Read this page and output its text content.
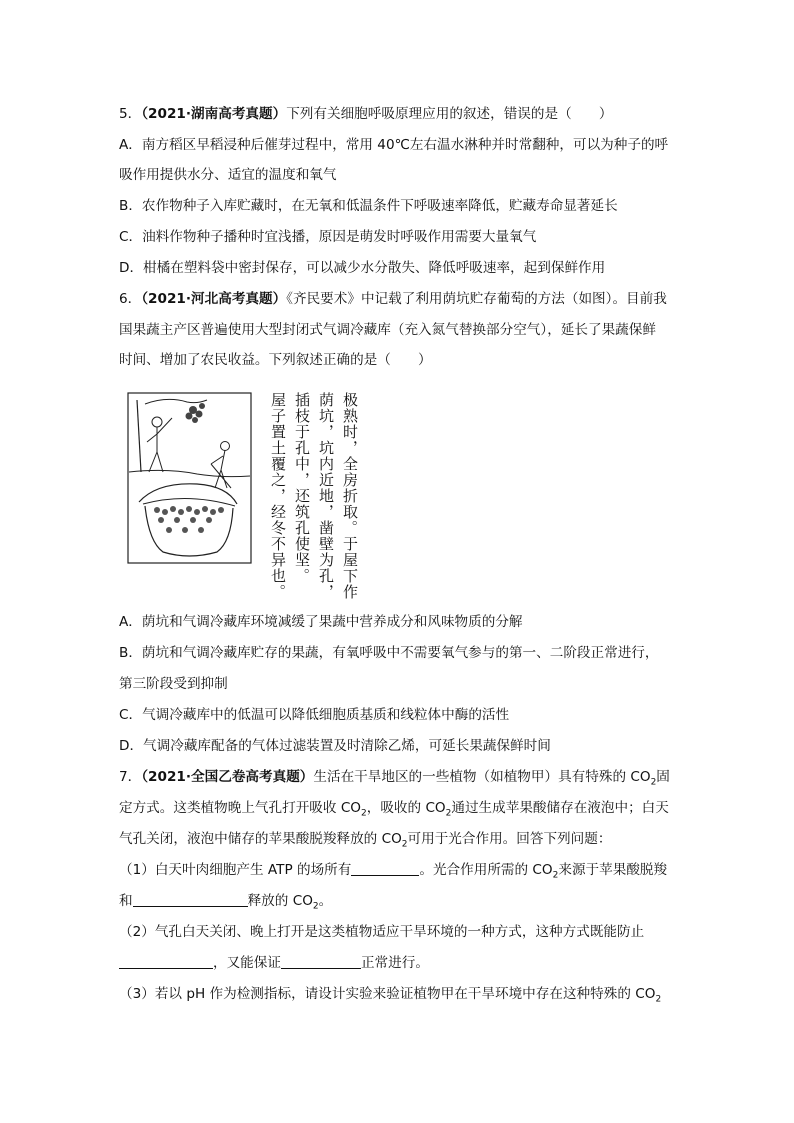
5．（2021·湖南高考真题）下列有关细胞呼吸原理应用的叙述，错误的是（　　）
A．南方稻区早稻浸种后催芽过程中，常用 40℃左右温水淋种并时常翻种，可以为种子的呼
吸作用提供水分、适宜的温度和氧气
B．农作物种子入库贮藏时，在无氧和低温条件下呼吸速率降低，贮藏寿命显著延长
C．油料作物种子播种时宜浅播，原因是萌发时呼吸作用需要大量氧气
D．柑橘在塑料袋中密封保存，可以减少水分散失、降低呼吸速率，起到保鲜作用
6．（2021·河北高考真题）《齐民要术》中记载了利用荫坑贮存葡萄的方法（如图）。目前我
国果蔬主产区普遍使用大型封闭式气调冷藏库（充入氮气替换部分空气），延长了果蔬保鲜
时间、增加了农民收益。下列叙述正确的是（　　）
极熟时，全房折取。于屋下作
荫坑，坑内近地，凿壁为孔，
插枝于孔中，还筑孔使坚。
屋子置土覆之，经冬不异也。
A．荫坑和气调冷藏库环境减缓了果蔬中营养成分和风味物质的分解
B．荫坑和气调冷藏库贮存的果蔬，有氧呼吸中不需要氧气参与的第一、二阶段正常进行，
第三阶段受到抑制
C．气调冷藏库中的低温可以降低细胞质基质和线粒体中酶的活性
D．气调冷藏库配备的气体过滤装置及时清除乙烯，可延长果蔬保鲜时间
7．（2021·全国乙卷高考真题）生活在干旱地区的一些植物（如植物甲）具有特殊的 $CO_2$固
定方式。这类植物晚上气孔打开吸收 $CO_2$，吸收的 $CO_2$通过生成苹果酸储存在液泡中；白天
气孔关闭，液泡中储存的苹果酸脱羧释放的 $CO_2$可用于光合作用。回答下列问题：
（1）白天叶肉细胞产生 ATP 的场所有	。光合作用所需的 $CO_2$来源于苹果酸脱羧
和	释放的 $CO_2$。
（2）气孔白天关闭、晚上打开是这类植物适应干旱环境的一种方式，这种方式既能防止
，又能保证	正常进行。
（3）若以 pH 作为检测指标，请设计实验来验证植物甲在干旱环境中存在这种特殊的 $CO_2$
